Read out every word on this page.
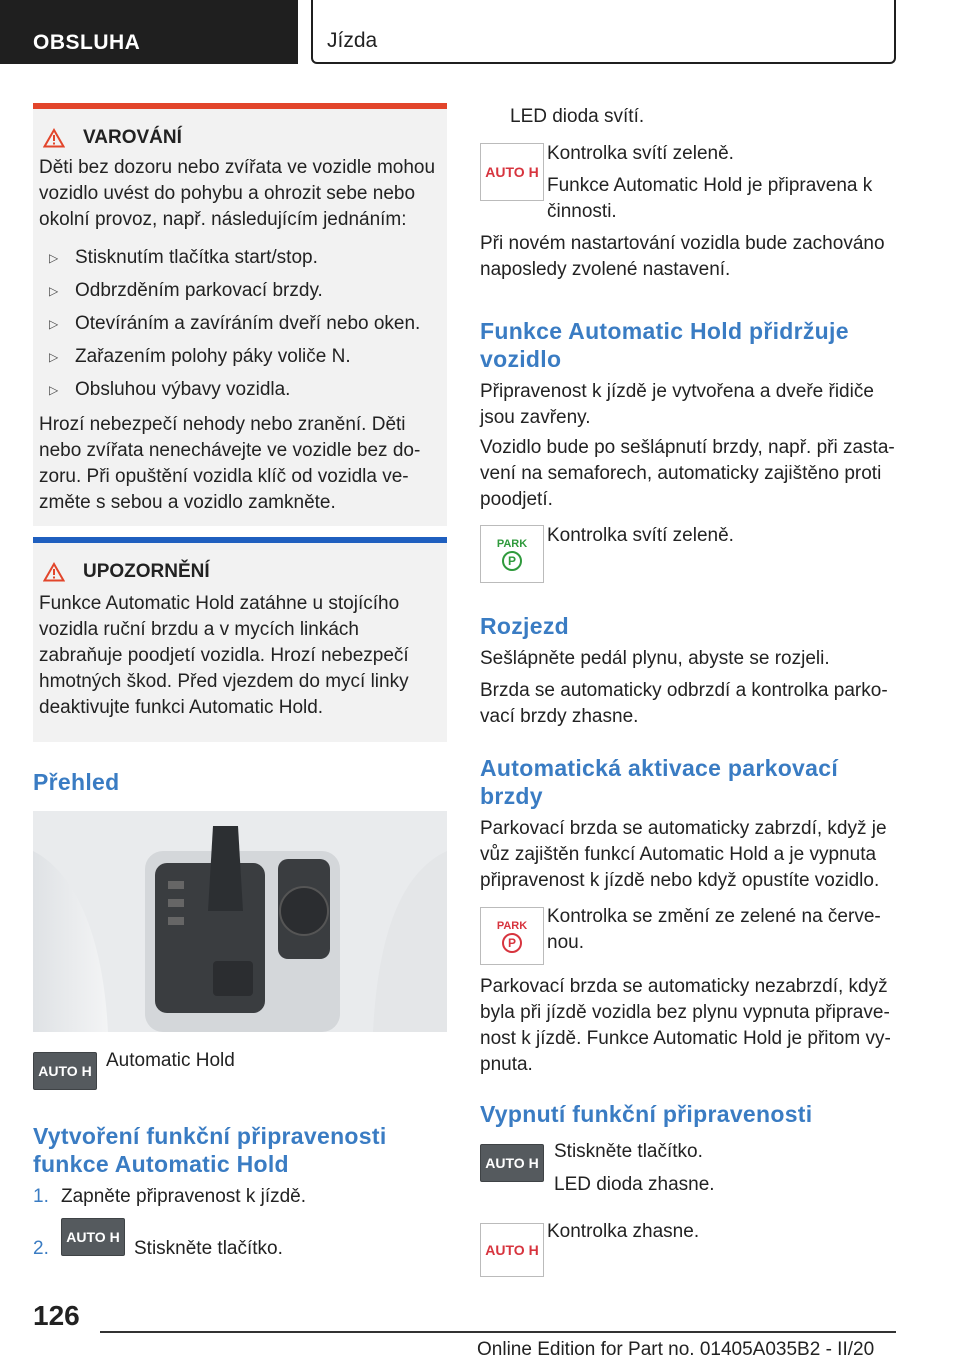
OBSLUHA	Jízda
VAROVÁNÍ
Děti bez dozoru nebo zvířata ve vozidle mohou vozidlo uvést do pohybu a ohrozit sebe nebo okolní provoz, např. následujícím jednáním:
▷ Stisknutím tlačítka start/stop.
▷ Odbrzděním parkovací brzdy.
▷ Otevíráním a zavíráním dveří nebo oken.
▷ Zařazením polohy páky voliče N.
▷ Obsluhou výbavy vozidla.
Hrozí nebezpečí nehody nebo zranění. Děti nebo zvířata nenechávejte ve vozidle bez dozoru. Při opuštění vozidla klíč od vozidla vezměte s sebou a vozidlo zamkněte.
UPOZORNĚNÍ
Funkce Automatic Hold zatáhne u stojícího vozidla ruční brzdu a v mycích linkách zabraňuje poodjetí vozidla. Hrozí nebezpečí hmotných škod. Před vjezdem do mycí linky deaktivujte funkci Automatic Hold.
Přehled
AUTO H Automatic Hold
Vytvoření funkční připravenosti funkce Automatic Hold
1. Zapněte připravenost k jízdě.
2.
AUTO H
Stiskněte tlačítko.
LED dioda svítí.
AUTO H
Kontrolka svítí zeleně.
Funkce Automatic Hold je připravena k činnosti.
Při novém nastartování vozidla bude zachováno naposledy zvolené nastavení.
Funkce Automatic Hold přidržuje vozidlo
Připravenost k jízdě je vytvořena a dveře řidiče jsou zavřeny.
Vozidlo bude po sešlápnutí brzdy, např. při zastavení na semaforech, automaticky zajištěno proti poodjetí.
PARK
P
Kontrolka svítí zeleně.
Rozjezd
Sešlápněte pedál plynu, abyste se rozjeli.
Brzda se automaticky odbrzdí a kontrolka parkovací brzdy zhasne.
Automatická aktivace parkovací brzdy
Parkovací brzda se automaticky zabrzdí, když je vůz zajištěn funkcí Automatic Hold a je vypnuta připravenost k jízdě nebo když opustíte vozidlo.
PARK
P
Kontrolka se změní ze zelené na červenou.
Parkovací brzda se automaticky nezabrzdí, když byla při jízdě vozidla bez plynu vypnuta připravenost k jízdě. Funkce Automatic Hold je přitom vypnuta.
Vypnutí funkční připravenosti
AUTO H
Stiskněte tlačítko.
LED dioda zhasne.
AUTO H
Kontrolka zhasne.
126
Online Edition for Part no. 01405A035B2 - II/20
